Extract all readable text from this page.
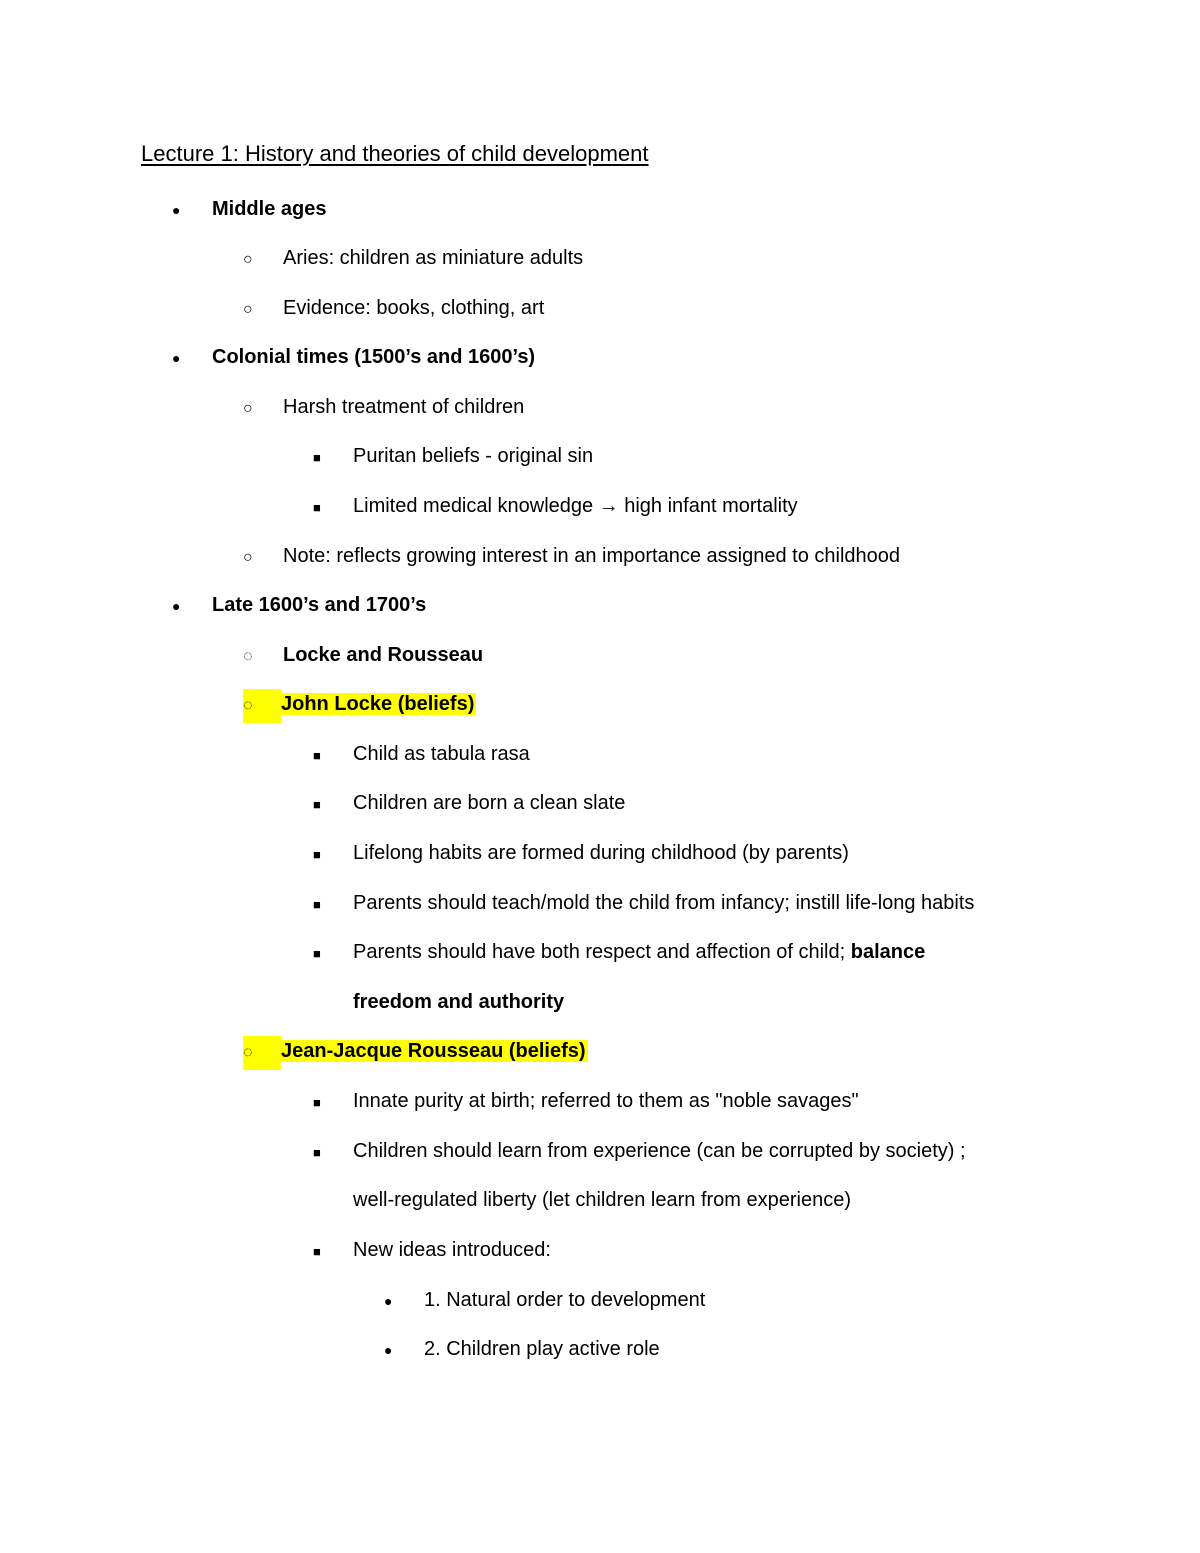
Lecture 1: History and theories of child development
● Middle ages
○ Aries: children as miniature adults
○ Evidence: books, clothing, art
● Colonial times (1500’s and 1600’s)
○ Harsh treatment of children
■ Puritan beliefs - original sin
■ Limited medical knowledge → high infant mortality
○ Note: reflects growing interest in an importance assigned to childhood
● Late 1600’s and 1700’s
◌ Locke and Rousseau
◌ John Locke (beliefs)
■ Child as tabula rasa
■ Children are born a clean slate
■ Lifelong habits are formed during childhood (by parents)
■ Parents should teach/mold the child from infancy; instill life-long habits
■ Parents should have both respect and affection of child; balance
freedom and authority
◌ Jean-Jacque Rousseau (beliefs)
■ Innate purity at birth; referred to them as "noble savages"
■ Children should learn from experience (can be corrupted by society) ;
well-regulated liberty (let children learn from experience)
■ New ideas introduced:
● 1. Natural order to development
● 2. Children play active role
